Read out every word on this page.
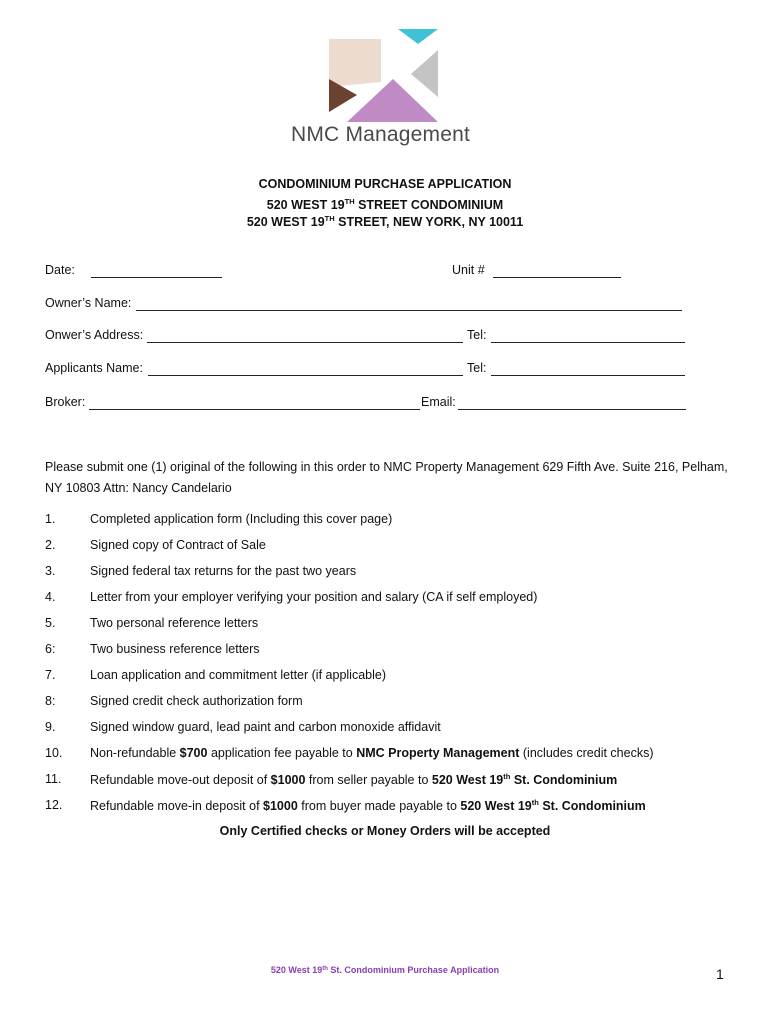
NMC Management
CONDOMINIUM PURCHASE APPLICATION
520 WEST 19TH STREET CONDOMINIUM
520 WEST 19TH STREET, NEW YORK, NY 10011
Date:	Unit #
Owner’s Name:
Onwer’s Address:	Tel:
Applicants Name:	Tel:
Broker:	Email:
Please submit one (1) original of the following in this order to NMC Property Management 629 Fifth Ave. Suite 216, Pelham, NY 10803 Attn: Nancy Candelario
1.	Completed application form (Including this cover page)
2.	Signed copy of Contract of Sale
3.	Signed federal tax returns for the past two years
4.	Letter from your employer verifying your position and salary (CA if self employed)
5.	Two personal reference letters
6:	Two business reference letters
7.	Loan application and commitment letter (if applicable)
8:	Signed credit check authorization form
9.	Signed window guard, lead paint and carbon monoxide affidavit
10. Non-refundable $700 application fee payable to NMC Property Management (includes credit checks)
11. Refundable move-out deposit of $1000 from seller payable to 520 West 19th St. Condominium
12. Refundable move-in deposit of $1000 from buyer made payable to 520 West 19th St. Condominium
Only Certified checks or Money Orders will be accepted
520 West 19th St. Condominium Purchase Application	1
